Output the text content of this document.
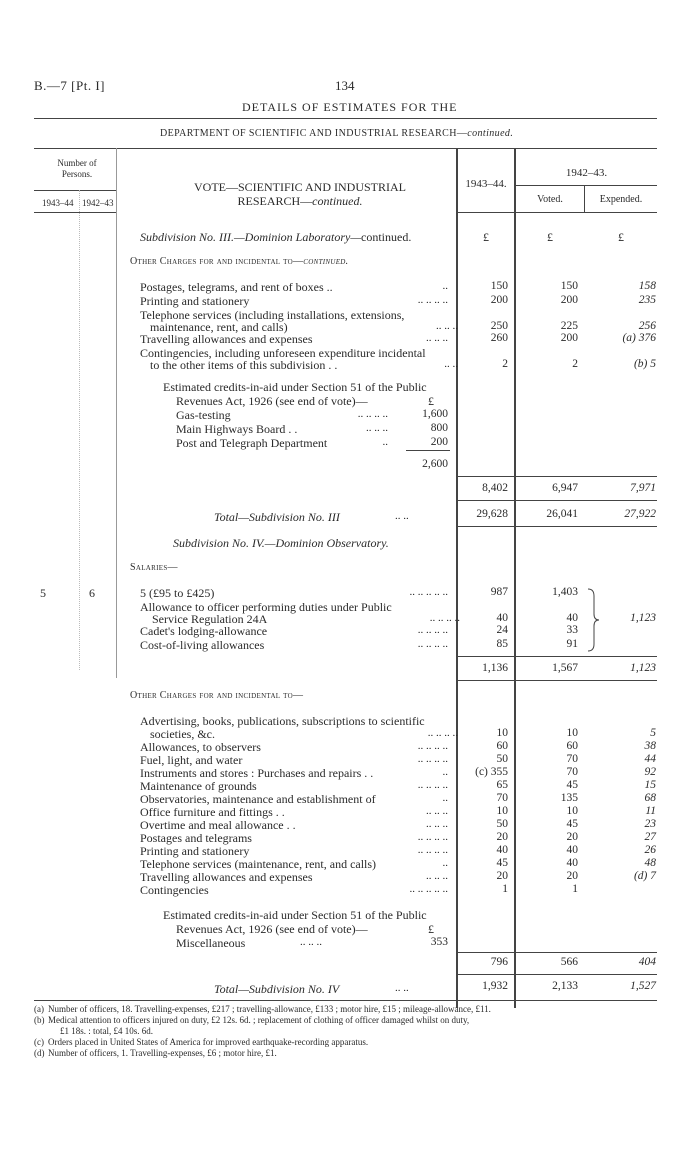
B.—7 [Pt. I]	134
DETAILS OF ESTIMATES FOR THE
DEPARTMENT OF SCIENTIFIC AND INDUSTRIAL RESEARCH—continued.
Number of Persons.
1943–44 1942–43
VOTE—SCIENTIFIC AND INDUSTRIAL
RESEARCH—continued.
1943–44.
1942–43.
Voted.	Expended.
Subdivision No. III.—Dominion Laboratory—continued.	£	£	£
Other Charges for and incidental to—continued.
Postages, telegrams, and rent of boxes ..	..	150	150	158
Printing and stationery	.. .. .. ..	200	200	235
Telephone services (including installations, extensions,
maintenance, rent, and calls)	.. .. ..	250	225	256
Travelling allowances and expenses	.. .. ..	260	200	(a) 376
Contingencies, including unforeseen expenditure incidental
to the other items of this subdivision . .	.. ..	2	2	(b) 5
Estimated credits-in-aid under Section 51 of the Public
Revenues Act, 1926 (see end of vote)—	£
Gas-testing	.. .. .. ..	1,600
Main Highways Board . .	.. .. ..	800
Post and Telegraph Department	..	200
2,600
8,402	6,947	7,971
Total—Subdivision No. III	.. ..	29,628	26,041	27,922
Subdivision No. IV.—Dominion Observatory.
Salaries—
5	6	5 (£95 to £425)	.. .. .. .. ..	987	1,403
Allowance to officer performing duties under Public
Service Regulation 24A	.. .. .. ..	40	40
Cadet's lodging-allowance	.. .. .. ..	24	33
Cost-of-living allowances	.. .. .. ..	85	91
1,123
1,136	1,567	1,123
Other Charges for and incidental to—
Advertising, books, publications, subscriptions to scientific
societies, &c.	.. .. .. ..	10	10	5
Allowances, to observers	.. .. .. ..	60	60	38
Fuel, light, and water	.. .. .. ..	50	70	44
Instruments and stores : Purchases and repairs . .	..	(c) 355	70	92
Maintenance of grounds	.. .. .. ..	65	45	15
Observatories, maintenance and establishment of	..	70	135	68
Office furniture and fittings . .	.. .. ..	10	10	11
Overtime and meal allowance . .	.. .. ..	50	45	23
Postages and telegrams	.. .. .. ..	20	20	27
Printing and stationery	.. .. .. ..	40	40	26
Telephone services (maintenance, rent, and calls)	..	45	40	48
Travelling allowances and expenses	.. .. ..	20	20	(d) 7
Contingencies	.. .. .. .. ..	1	1
Estimated credits-in-aid under Section 51 of the Public
Revenues Act, 1926 (see end of vote)—	£
Miscellaneous	.. .. ..	353
796	566	404
Total—Subdivision No. IV	.. ..	1,932	2,133	1,527
(a) Number of officers, 18. Travelling-expenses, £217 ; travelling-allowance, £133 ; motor hire, £15 ; mileage-allowance, £11.
(b) Medical attention to officers injured on duty, £2 12s. 6d. ; replacement of clothing of officer damaged whilst on duty,
£1 18s. : total, £4 10s. 6d.
(c) Orders placed in United States of America for improved earthquake-recording apparatus.
(d) Number of officers, 1. Travelling-expenses, £6 ; motor hire, £1.
